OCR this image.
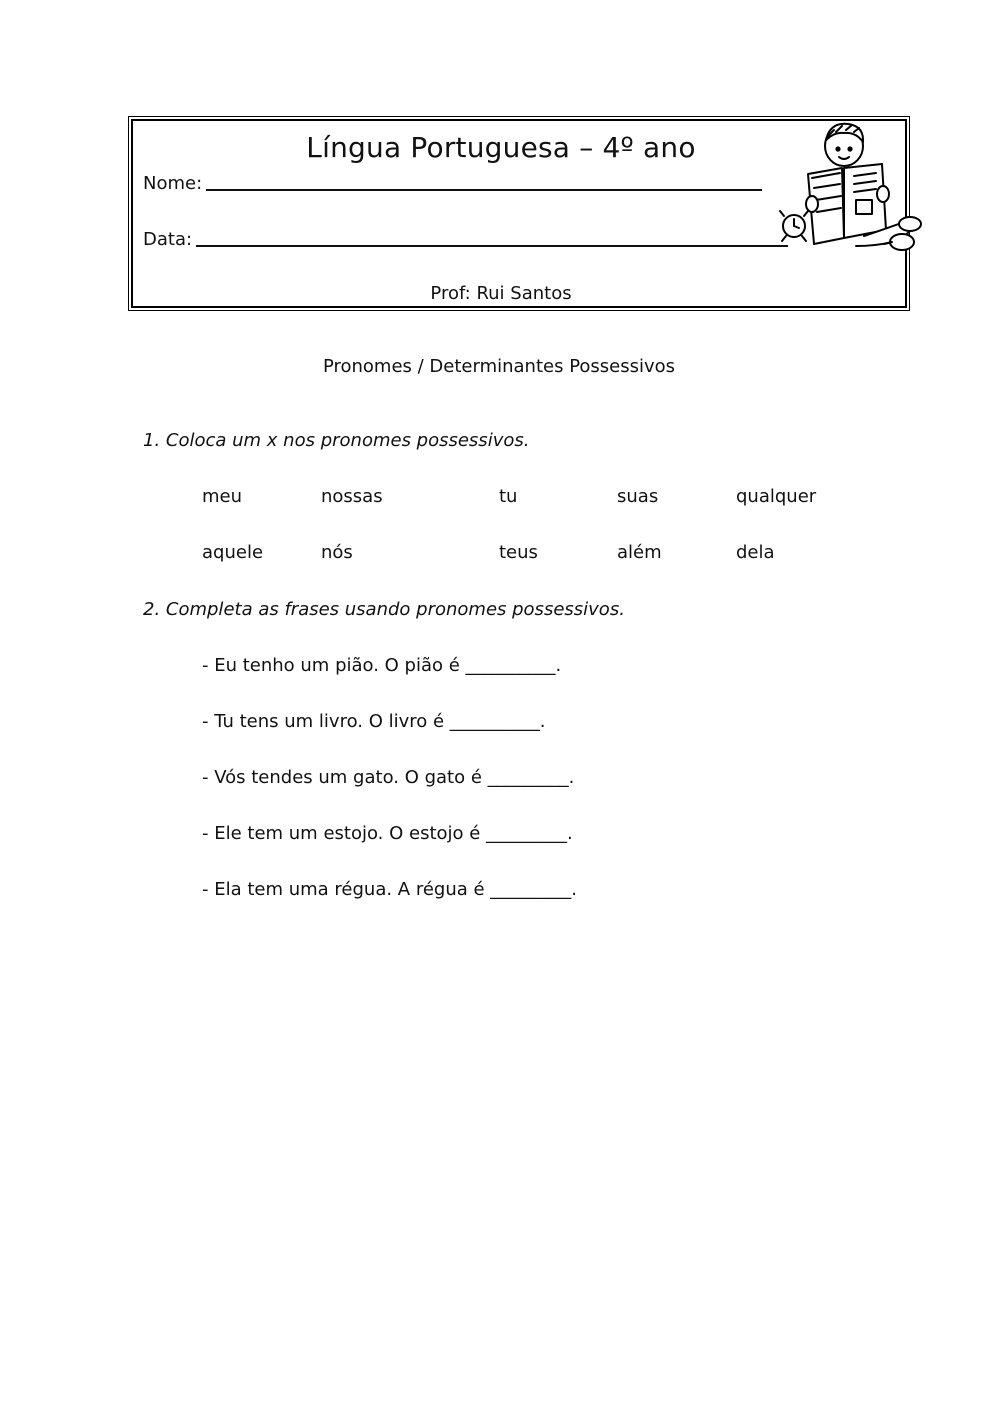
Língua Portuguesa – 4º ano
Nome:
Data:
Prof: Rui Santos
Pronomes / Determinantes Possessivos
1. Coloca um x nos pronomes possessivos.
meu	nossas	tu	suas	qualquer
aquele	nós	teus	além	dela
2. Completa as frases usando pronomes possessivos.
- Eu tenho um pião. O pião é __________.
- Tu tens um livro. O livro é __________.
- Vós tendes um gato. O gato é _________.
- Ele tem um estojo. O estojo é _________.
- Ela tem uma régua. A régua é _________.
